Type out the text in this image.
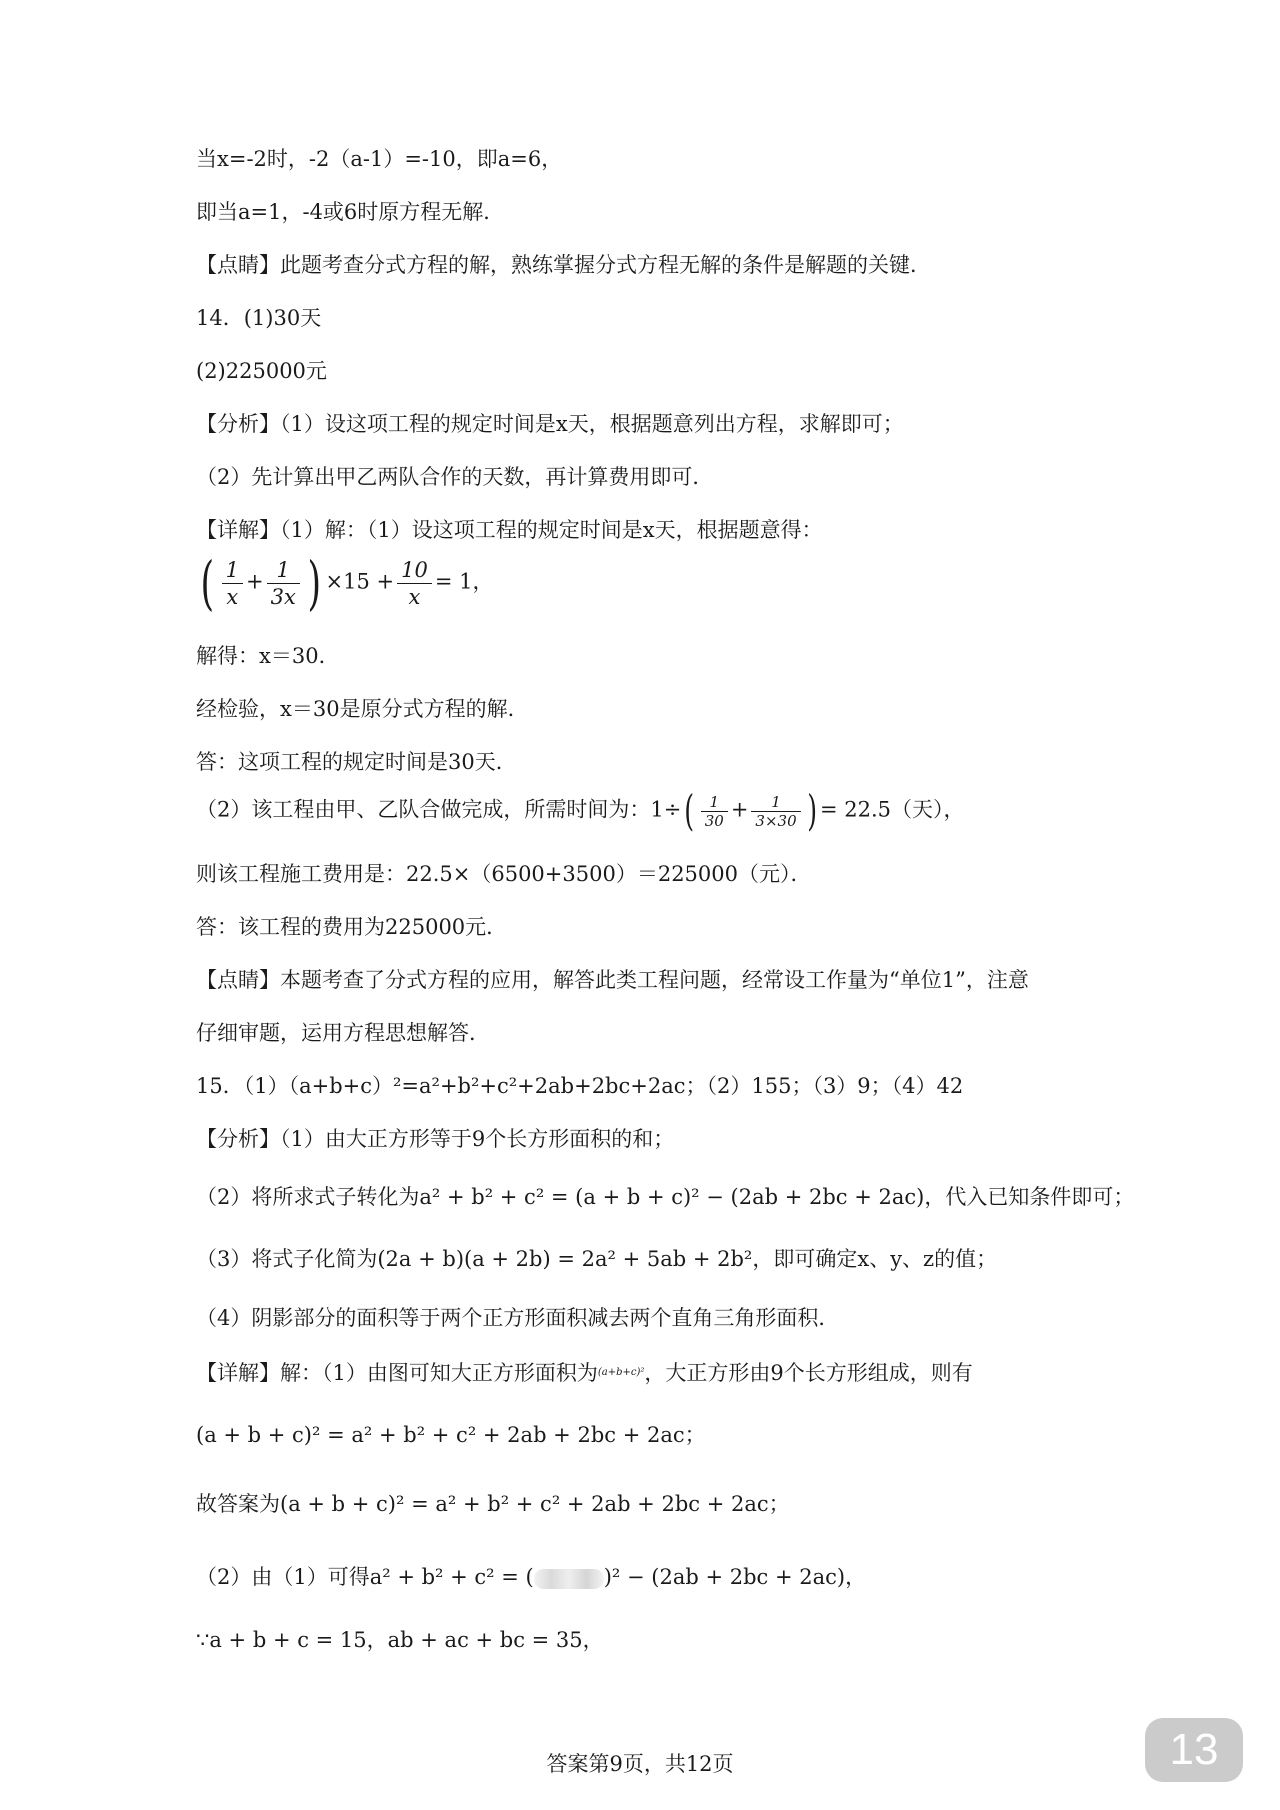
当x=-2时，-2（a-1）=-10，即a=6，
即当a=1，-4或6时原方程无解．
【点睛】此题考查分式方程的解，熟练掌握分式方程无解的条件是解题的关键．
14．(1)30天
(2)225000元
【分析】（1）设这项工程的规定时间是x天，根据题意列出方程，求解即可；
（2）先计算出甲乙两队合作的天数，再计算费用即可．
【详解】（1）解：（1）设这项工程的规定时间是x天，根据题意得：
( $\frac{1}{x} + \frac{1}{3x}$ ) $\times 15 + \frac{10}{x} = 1$，
解得：x＝30．
经检验，x＝30是原分式方程的解．
答：这项工程的规定时间是30天．
（2）该工程由甲、乙队合做完成，所需时间为：$1\div( \frac{1}{30} + \frac{1}{3\times 30}$ ) = 22.5（天），
则该工程施工费用是：22.5×（6500+3500）＝225000（元）．
答：该工程的费用为225000元．
【点睛】本题考查了分式方程的应用，解答此类工程问题，经常设工作量为“单位1”，注意
仔细审题，运用方程思想解答．
15．（1）（a+b+c）²=a²+b²+c²+2ab+2bc+2ac；（2）155；（3）9；（4）42
【分析】（1）由大正方形等于9个长方形面积的和；
（2）将所求式子转化为a² + b² + c² = (a + b + c)² − (2ab + 2bc + 2ac)，代入已知条件即可；
（3）将式子化简为(2a + b)(a + 2b) = 2a² + 5ab + 2b²，即可确定x、y、z的值；
（4）阴影部分的面积等于两个正方形面积减去两个直角三角形面积．
【详解】解：（1）由图可知大正方形面积为$^{(a+b+c)^2}$，大正方形由9个长方形组成，则有
(a + b + c)² = a² + b² + c² + 2ab + 2bc + 2ac；
故答案为(a + b + c)² = a² + b² + c² + 2ab + 2bc + 2ac；
（2）由（1）可得a² + b² + c² = (	)² − (2ab + 2bc + 2ac)，
∵a + b + c = 15，ab + ac + bc = 35，
答案第9页，共12页	13
